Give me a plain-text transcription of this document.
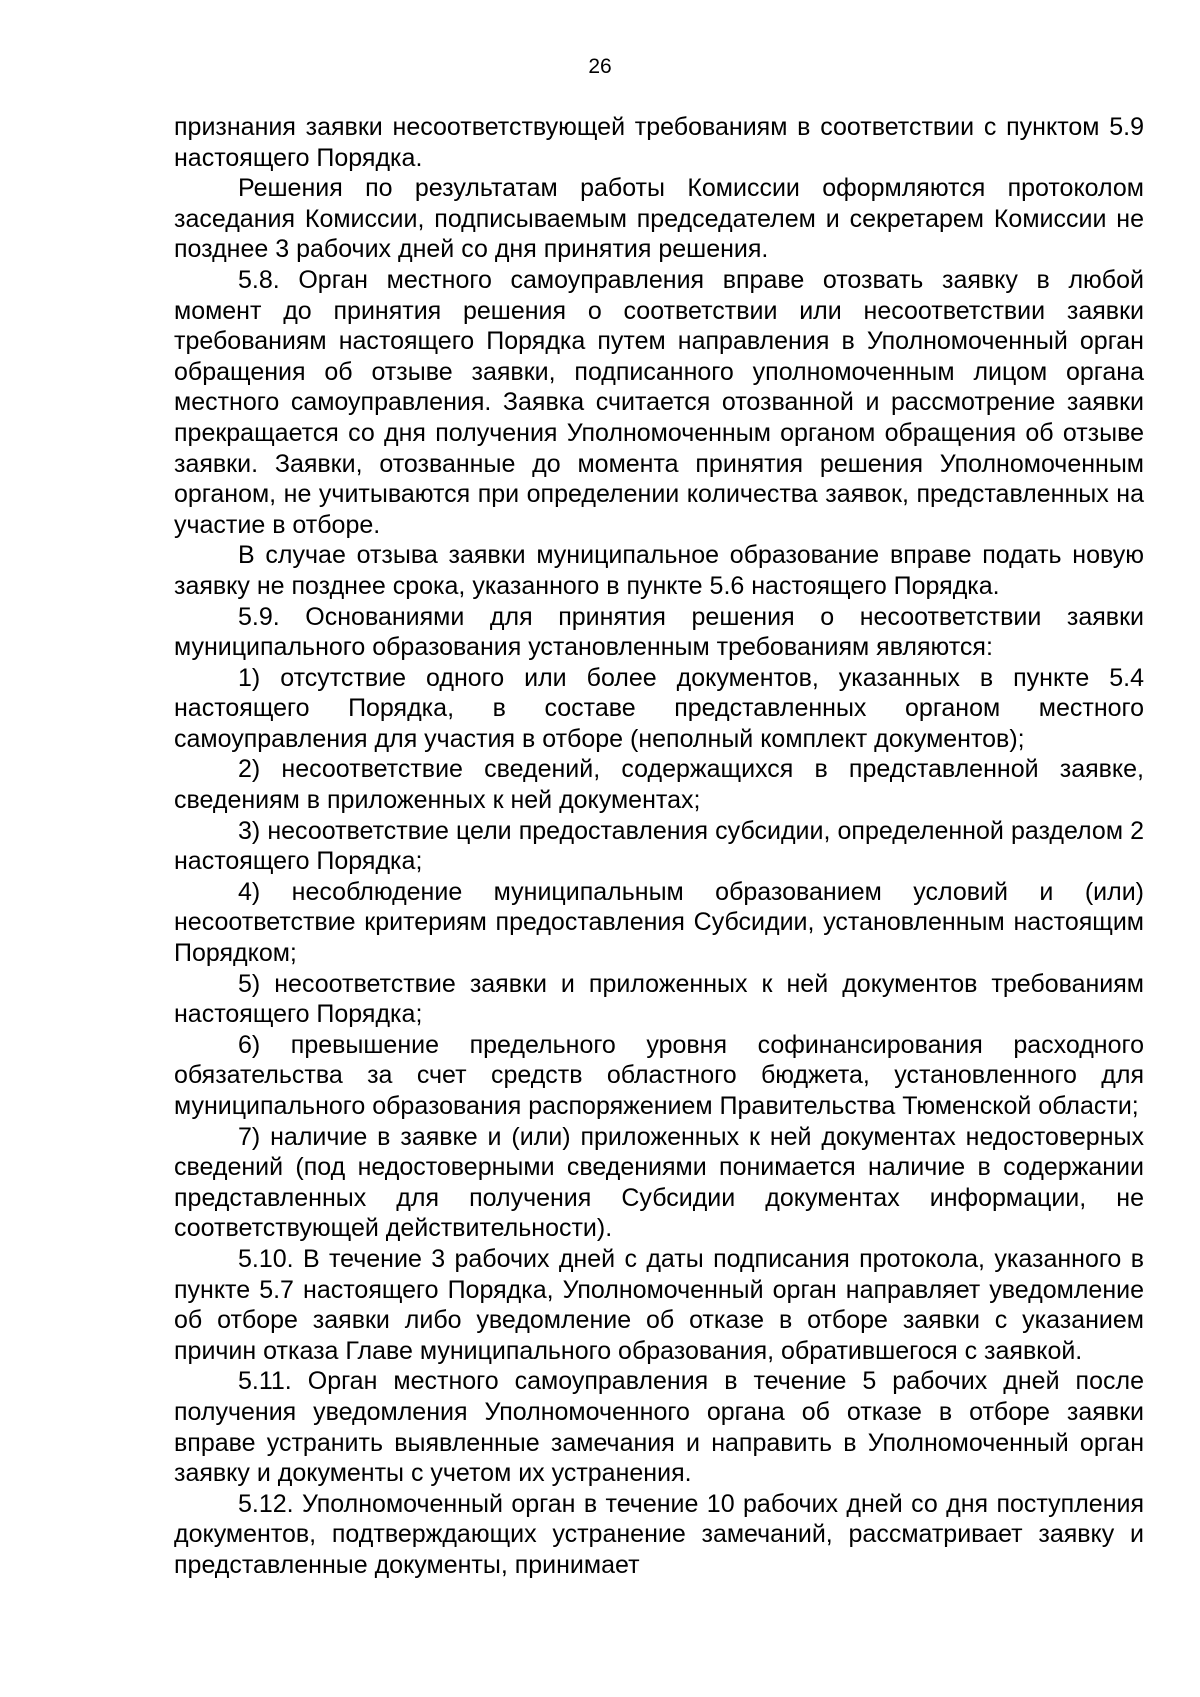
26

признания заявки несоответствующей требованиям в соответствии с пунктом 5.9 настоящего Порядка.

Решения по результатам работы Комиссии оформляются протоколом заседания Комиссии, подписываемым председателем и секретарем Комиссии не позднее 3 рабочих дней со дня принятия решения.

5.8. Орган местного самоуправления вправе отозвать заявку в любой момент до принятия решения о соответствии или несоответствии заявки требованиям настоящего Порядка путем направления в Уполномоченный орган обращения об отзыве заявки, подписанного уполномоченным лицом органа местного самоуправления. Заявка считается отозванной и рассмотрение заявки прекращается со дня получения Уполномоченным органом обращения об отзыве заявки. Заявки, отозванные до момента принятия решения Уполномоченным органом, не учитываются при определении количества заявок, представленных на участие в отборе.

В случае отзыва заявки муниципальное образование вправе подать новую заявку не позднее срока, указанного в пункте 5.6 настоящего Порядка.

5.9. Основаниями для принятия решения о несоответствии заявки муниципального образования установленным требованиям являются:

1) отсутствие одного или более документов, указанных в пункте 5.4 настоящего Порядка, в составе представленных органом местного самоуправления для участия в отборе (неполный комплект документов);

2) несоответствие сведений, содержащихся в представленной заявке, сведениям в приложенных к ней документах;

3) несоответствие цели предоставления субсидии, определенной разделом 2 настоящего Порядка;

4) несоблюдение муниципальным образованием условий и (или) несоответствие критериям предоставления Субсидии, установленным настоящим Порядком;

5) несоответствие заявки и приложенных к ней документов требованиям настоящего Порядка;

6) превышение предельного уровня софинансирования расходного обязательства за счет средств областного бюджета, установленного для муниципального образования распоряжением Правительства Тюменской области;

7) наличие в заявке и (или) приложенных к ней документах недостоверных сведений (под недостоверными сведениями понимается наличие в содержании представленных для получения Субсидии документах информации, не соответствующей действительности).

5.10. В течение 3 рабочих дней с даты подписания протокола, указанного в пункте 5.7 настоящего Порядка, Уполномоченный орган направляет уведомление об отборе заявки либо уведомление об отказе в отборе заявки с указанием причин отказа Главе муниципального образования, обратившегося с заявкой.

5.11. Орган местного самоуправления в течение 5 рабочих дней после получения уведомления Уполномоченного органа об отказе в отборе заявки вправе устранить выявленные замечания и направить в Уполномоченный орган заявку и документы с учетом их устранения.

5.12. Уполномоченный орган в течение 10 рабочих дней со дня поступления документов, подтверждающих устранение замечаний, рассматривает заявку и представленные документы, принимает
